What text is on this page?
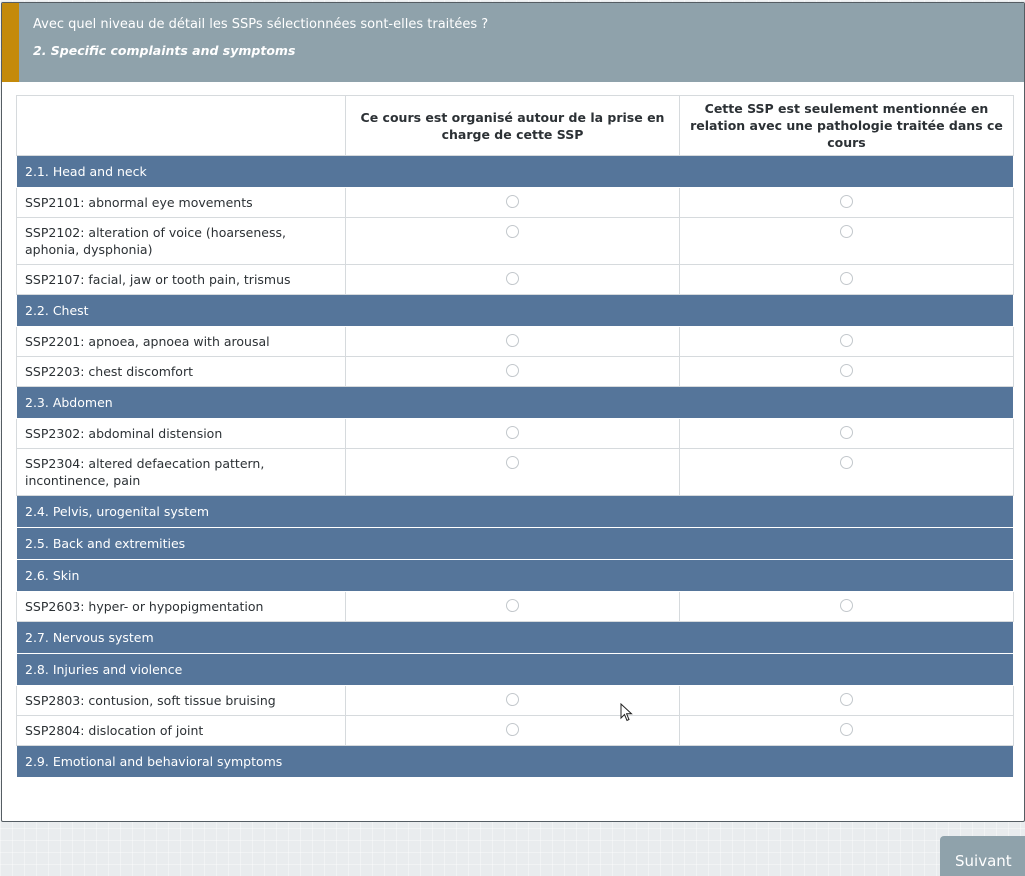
Avec quel niveau de détail les SSPs sélectionnées sont-elles traitées ?
2. Specific complaints and symptoms
	Ce cours est organisé autour de la prise en charge de cette SSP	Cette SSP est seulement mentionnée en relation avec une pathologie traitée dans ce cours
2.1. Head and neck		
SSP2101: abnormal eye movements		
SSP2102: alteration of voice (hoarseness, aphonia, dysphonia)		
SSP2107: facial, jaw or tooth pain, trismus		
2.2. Chest		
SSP2201: apnoea, apnoea with arousal		
SSP2203: chest discomfort		
2.3. Abdomen		
SSP2302: abdominal distension		
SSP2304: altered defaecation pattern, incontinence, pain		
2.4. Pelvis, urogenital system		
2.5. Back and extremities		
2.6. Skin		
SSP2603: hyper- or hypopigmentation		
2.7. Nervous system		
2.8. Injuries and violence		
SSP2803: contusion, soft tissue bruising		
SSP2804: dislocation of joint		
2.9. Emotional and behavioral symptoms		
Suivant
